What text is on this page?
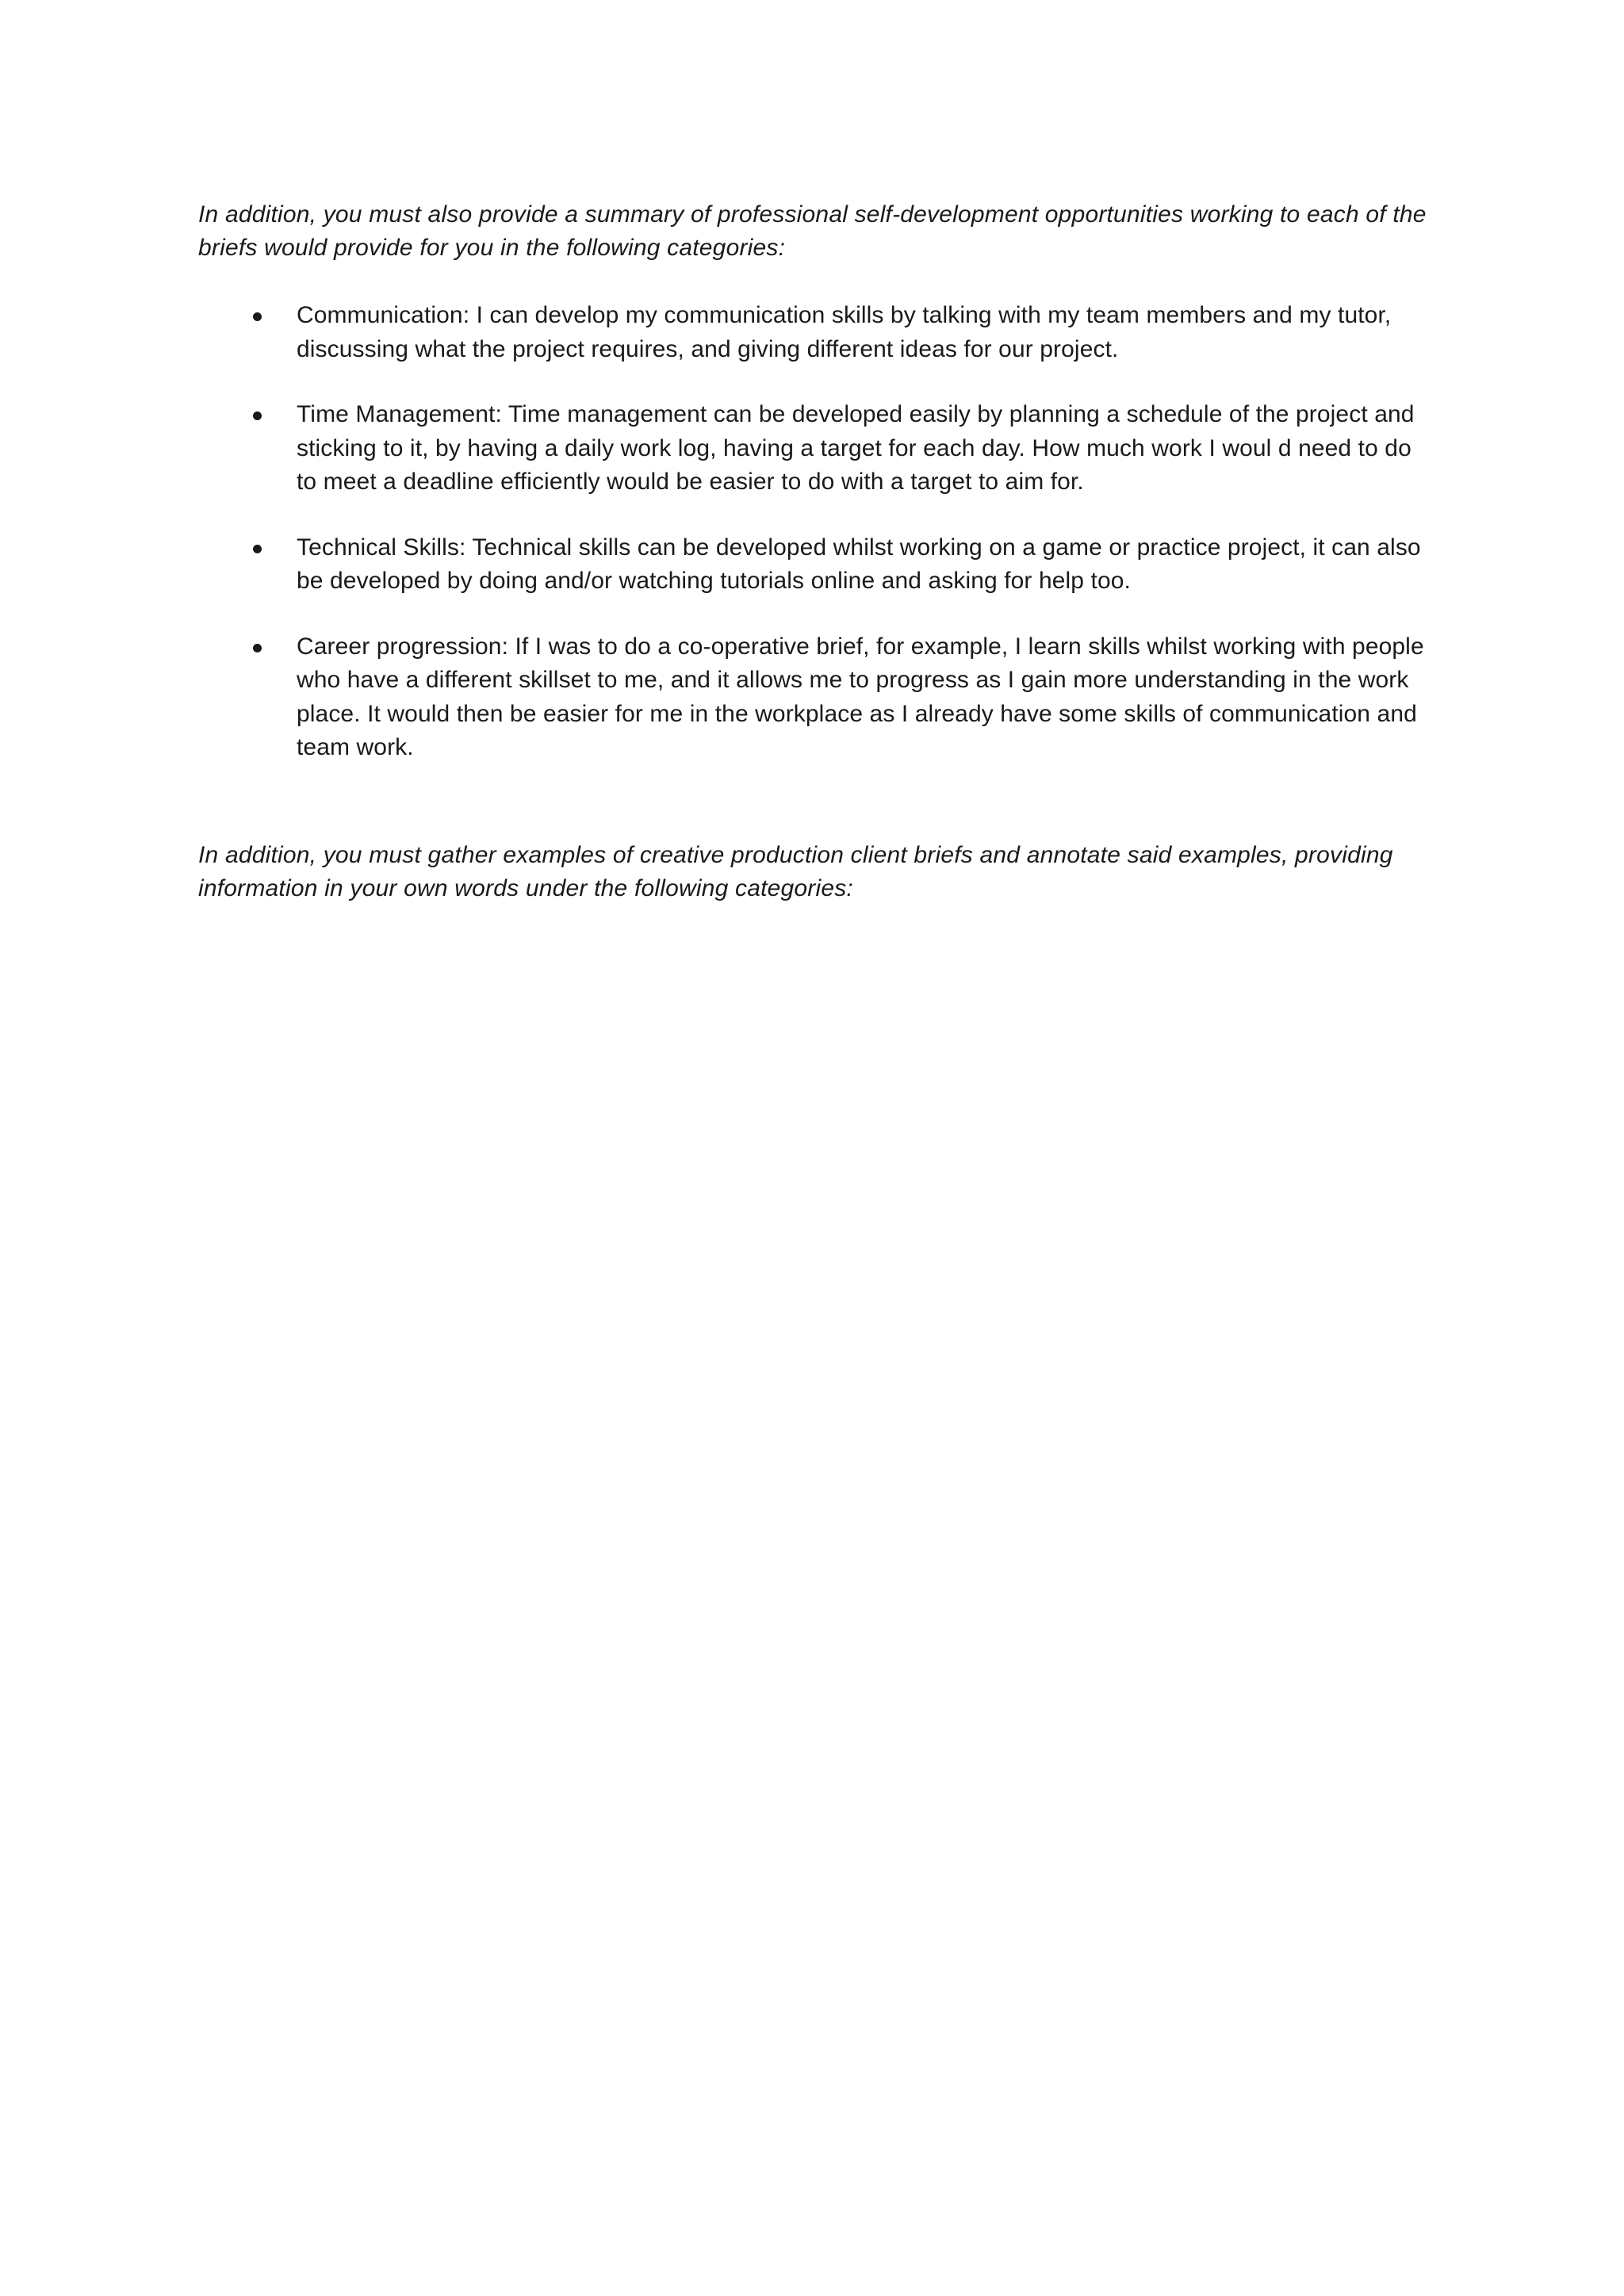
In addition, you must also provide a summary of professional self-development opportunities working to each of the briefs would provide for you in the following categories:

Communication: I can develop my communication skills by talking with my team members and my tutor, discussing what the project requires, and giving different ideas for our project.
Time Management: Time management can be developed easily by planning a schedule of the project and sticking to it, by having a daily work log, having a target for each day. How much work I woul d need to do to meet a deadline efficiently would be easier to do with a target to aim for.
Technical Skills: Technical skills can be developed whilst working on a game or practice project, it can also be developed by doing and/or watching tutorials online and asking for help too.
Career progression: If I was to do a co-operative brief, for example, I learn skills whilst working with people who have a different skillset to me, and it allows me to progress as I gain more understanding in the work place. It would then be easier for me in the workplace as I already have some skills of communication and team work.

In addition, you must gather examples of creative production client briefs and annotate said examples, providing information in your own words under the following categories:
